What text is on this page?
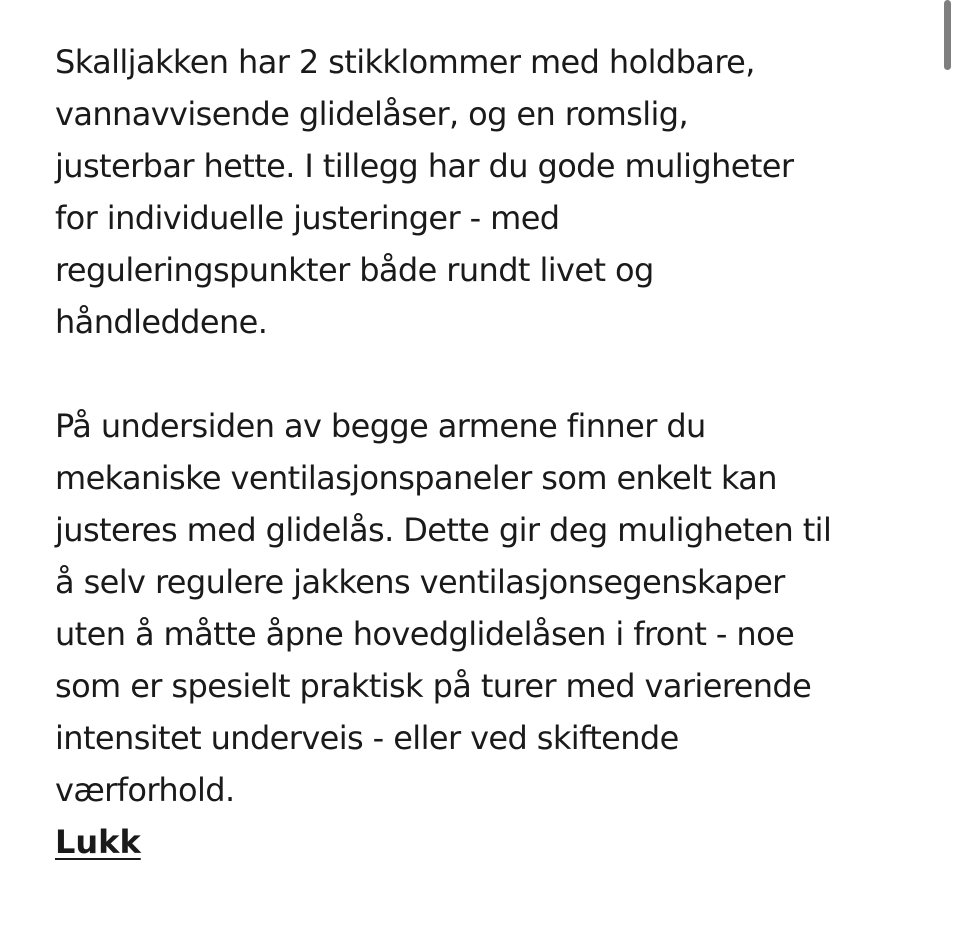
Skalljakken har 2 stikklommer med holdbare,
vannavvisende glidelåser, og en romslig,
justerbar hette. I tillegg har du gode muligheter
for individuelle justeringer - med
reguleringspunkter både rundt livet og
håndleddene.

På undersiden av begge armene finner du
mekaniske ventilasjonspaneler som enkelt kan
justeres med glidelås. Dette gir deg muligheten til
å selv regulere jakkens ventilasjonsegenskaper
uten å måtte åpne hovedglidelåsen i front - noe
som er spesielt praktisk på turer med varierende
intensitet underveis - eller ved skiftende
værforhold.

Lukk
